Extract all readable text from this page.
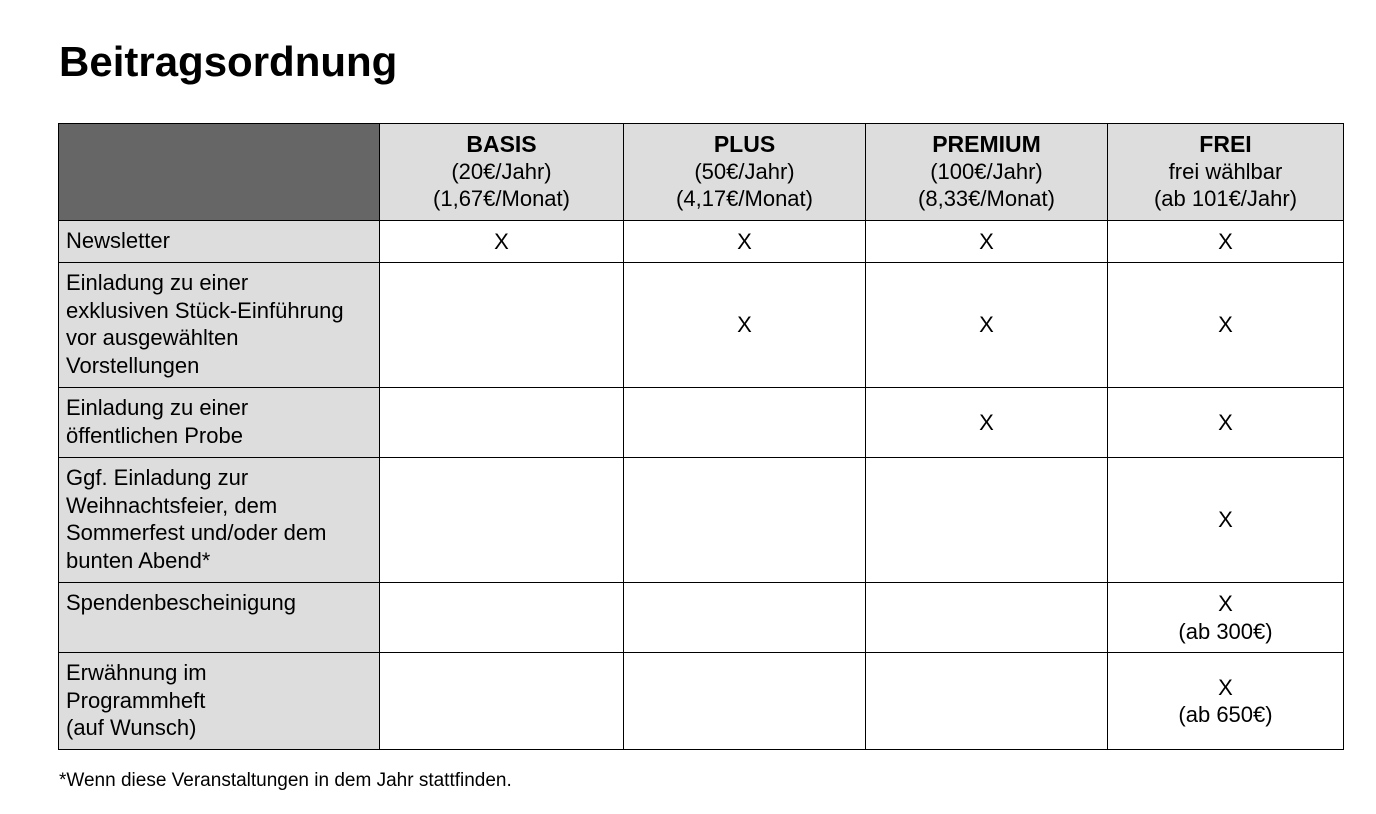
Beitragsordnung

	BASIS
(20€/Jahr)
(1,67€/Monat)	PLUS
(50€/Jahr)
(4,17€/Monat)	PREMIUM
(100€/Jahr)
(8,33€/Monat)	FREI
frei wählbar
(ab 101€/Jahr)

Newsletter	X	X	X	X

Einladung zu einer
exklusiven Stück-Einführung
vor ausgewählten
Vorstellungen		X	X	X

Einladung zu einer
öffentlichen Probe			X	X

Ggf. Einladung zur
Weihnachtsfeier, dem
Sommerfest und/oder dem
bunten Abend*				X

Spendenbescheinigung				X
(ab 300€)

Erwähnung im
Programmheft
(auf Wunsch)				X
(ab 650€)
*Wenn diese Veranstaltungen in dem Jahr stattfinden.
